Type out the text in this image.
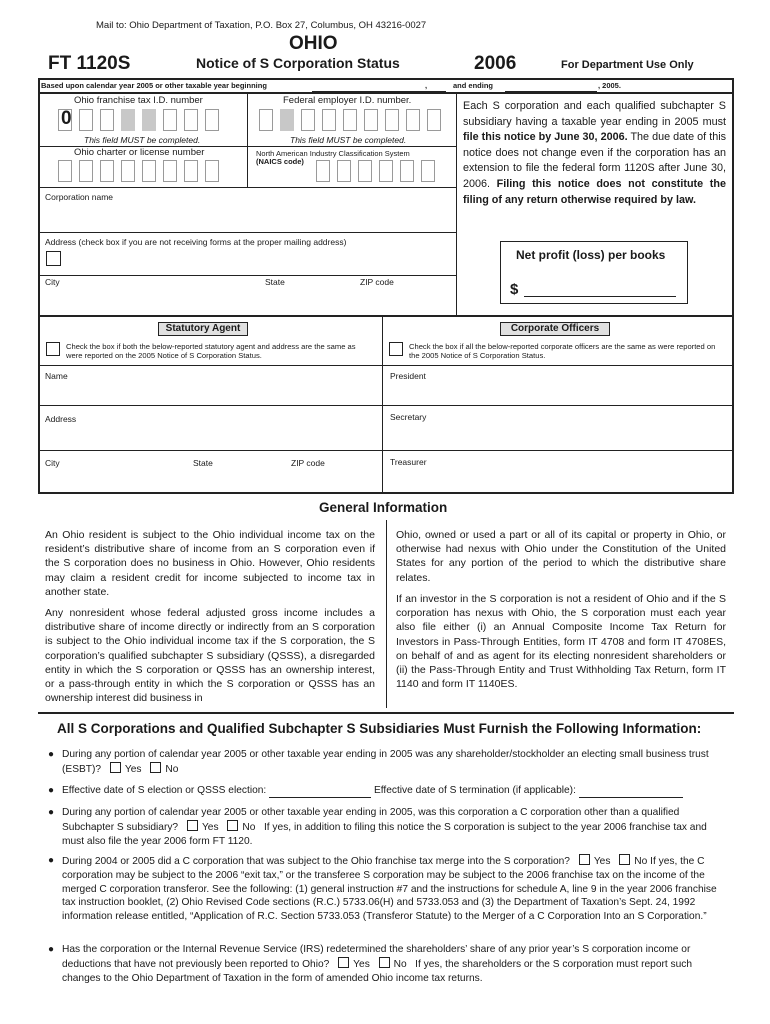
Mail to: Ohio Department of Taxation, P.O. Box 27, Columbus, OH 43216-0027
OHIO
FT 1120S	Notice of S Corporation Status	2006	For Department Use Only
Based upon calendar year 2005 or other taxable year beginning	,	and ending	, 2005.
Ohio franchise tax I.D. number	Federal employer I.D. number.
0
This field MUST be completed.	This field MUST be completed.
Ohio charter or license number	North American Industry Classification System
(NAICS code)
Corporation name
Address (check box if you are not receiving forms at the proper mailing address)
City	State	ZIP code
Each S corporation and each qualified subchapter S subsidiary having a taxable year ending in 2005 must file this notice by June 30, 2006. The due date of this notice does not change even if the corporation has an extension to file the federal form 1120S after June 30, 2006. Filing this notice does not constitute the filing of any return otherwise required by law.
Net profit (loss) per books
$
Statutory Agent	Corporate Officers
Check the box if both the below-reported statutory agent and address are the same as were reported on the 2005 Notice of S Corporation Status.
Check the box if all the below-reported corporate officers are the same as were reported on the 2005 Notice of S Corporation Status.
Name	President
Address	Secretary
City	State	ZIP code	Treasurer
General Information
An Ohio resident is subject to the Ohio individual income tax on the resident’s distributive share of income from an S corporation even if the S corporation does no business in Ohio. However, Ohio residents may claim a resident credit for income subjected to income tax in another state.
Any nonresident whose federal adjusted gross income includes a distributive share of income directly or indirectly from an S corporation is subject to the Ohio individual income tax if the S corporation, the S corporation’s qualified subchapter S subsidiary (QSSS), a disregarded entity in which the S corporation or QSSS has an ownership interest, or a pass-through entity in which the S corporation or QSSS has an ownership interest did business in
Ohio, owned or used a part or all of its capital or property in Ohio, or otherwise had nexus with Ohio under the Constitution of the United States for any portion of the period to which the distributive share relates.
If an investor in the S corporation is not a resident of Ohio and if the S corporation has nexus with Ohio, the S corporation must each year also file either (i) an Annual Composite Income Tax Return for Investors in Pass-Through Entities, form IT 4708 and form IT 4708ES, on behalf of and as agent for its electing nonresident shareholders or (ii) the Pass-Through Entity and Trust Withholding Tax Return, form IT 1140 and form IT 1140ES.
All S Corporations and Qualified Subchapter S Subsidiaries Must Furnish the Following Information:
● During any portion of calendar year 2005 or other taxable year ending in 2005 was any shareholder/stockholder an electing small business trust (ESBT)? Yes No
● Effective date of S election or QSSS election:	Effective date of S termination (if applicable):
● During any portion of calendar year 2005 or other taxable year ending in 2005, was this corporation a C corporation other than a qualified Subchapter S subsidiary? Yes No If yes, in addition to filing this notice the S corporation is subject to the year 2006 franchise tax and must also file the year 2006 form FT 1120.
● During 2004 or 2005 did a C corporation that was subject to the Ohio franchise tax merge into the S corporation? Yes No If yes, the C corporation may be subject to the 2006 “exit tax,” or the transferee S corporation may be subject to the 2006 franchise tax on the income of the merged C corporation transferor. See the following: (1) general instruction #7 and the instructions for schedule A, line 9 in the year 2006 franchise tax instruction booklet, (2) Ohio Revised Code sections (R.C.) 5733.06(H) and 5733.053 and (3) the Department of Taxation’s Sept. 24, 1992 information release entitled, “Application of R.C. Section 5733.053 (Transferor Statute) to the Merger of a C Corporation Into an S Corporation.”
● Has the corporation or the Internal Revenue Service (IRS) redetermined the shareholders’ share of any prior year’s S corporation income or deductions that have not previously been reported to Ohio? Yes No If yes, the shareholders or the S corporation must report such changes to the Ohio Department of Taxation in the form of amended Ohio income tax returns.
